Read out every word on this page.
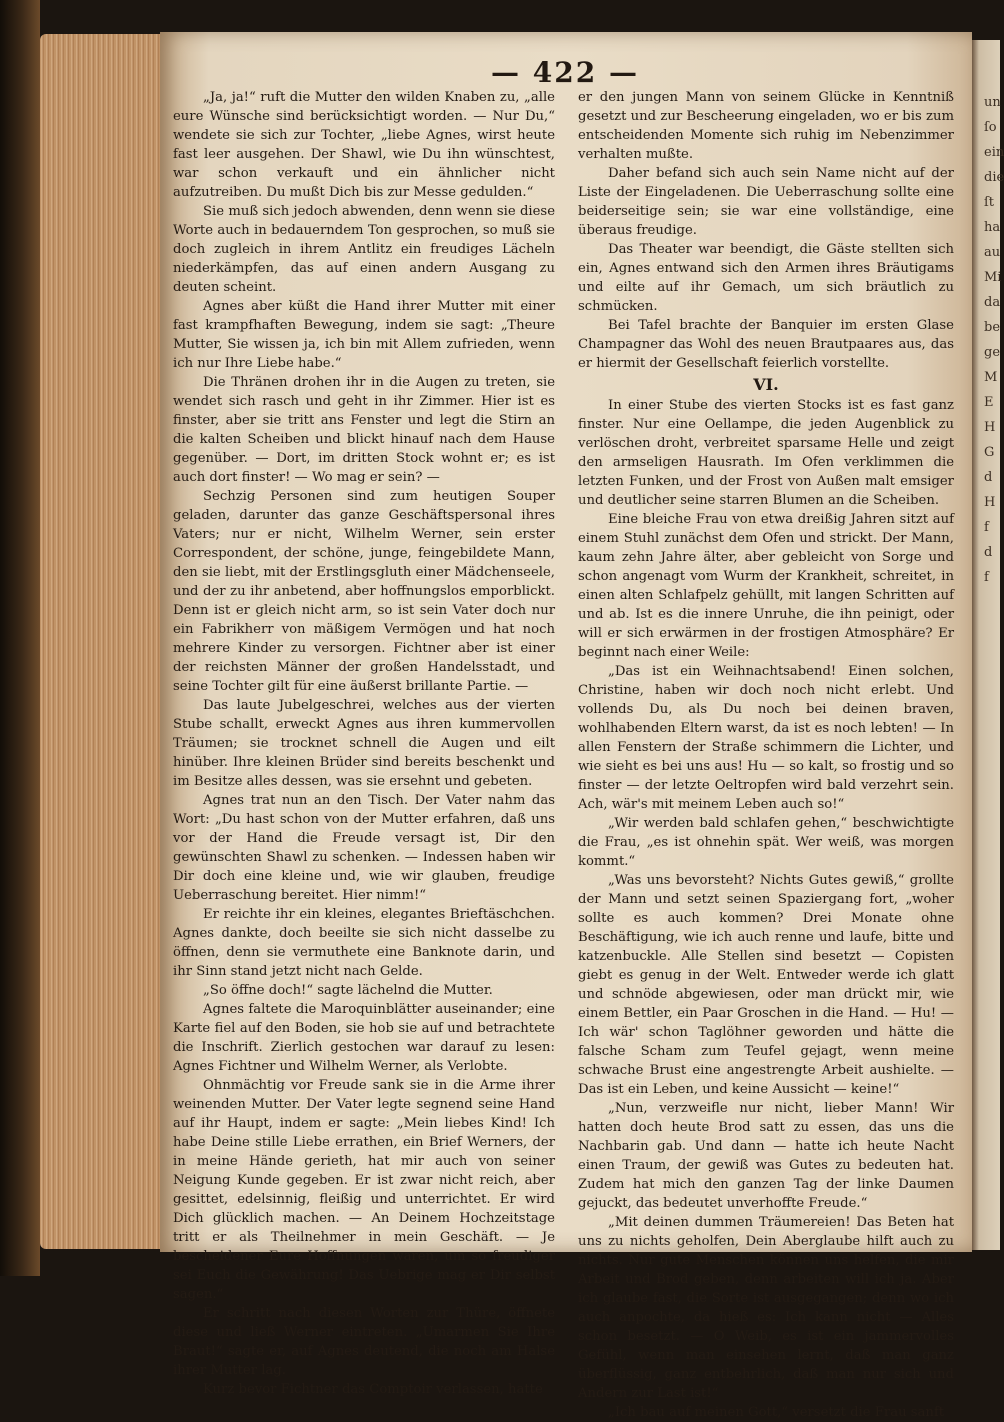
un
ſo
ein
die
ſt
ha
au
Mi
da
be
ge
M
E
H
G
d
H
f
d
f
— 422 —

„Ja, ja!“ ruft die Mutter den wilden Knaben zu, „alle eure Wünsche sind berücksichtigt worden. — Nur Du,“ wendete sie sich zur Tochter, „liebe Agnes, wirst heute fast leer ausgehen. Der Shawl, wie Du ihn wünschtest, war schon verkauft und ein ähnlicher nicht aufzutreiben. Du mußt Dich bis zur Messe gedulden.“

Sie muß sich jedoch abwenden, denn wenn sie diese Worte auch in bedauerndem Ton gesprochen, so muß sie doch zugleich in ihrem Antlitz ein freudiges Lächeln niederkämpfen, das auf einen andern Ausgang zu deuten scheint.

Agnes aber küßt die Hand ihrer Mutter mit einer fast krampfhaften Bewegung, indem sie sagt: „Theure Mutter, Sie wissen ja, ich bin mit Allem zufrieden, wenn ich nur Ihre Liebe habe.“

Die Thränen drohen ihr in die Augen zu treten, sie wendet sich rasch und geht in ihr Zimmer. Hier ist es finster, aber sie tritt ans Fenster und legt die Stirn an die kalten Scheiben und blickt hinauf nach dem Hause gegenüber. — Dort, im dritten Stock wohnt er; es ist auch dort finster! — Wo mag er sein? —

Sechzig Personen sind zum heutigen Souper geladen, darunter das ganze Geschäftspersonal ihres Vaters; nur er nicht, Wilhelm Werner, sein erster Correspondent, der schöne, junge, feingebildete Mann, den sie liebt, mit der Erstlingsgluth einer Mädchenseele, und der zu ihr anbetend, aber hoffnungslos emporblickt. Denn ist er gleich nicht arm, so ist sein Vater doch nur ein Fabrikherr von mäßigem Vermögen und hat noch mehrere Kinder zu versorgen. Fichtner aber ist einer der reichsten Männer der großen Handelsstadt, und seine Tochter gilt für eine äußerst brillante Partie. —

Das laute Jubelgeschrei, welches aus der vierten Stube schallt, erweckt Agnes aus ihren kummervollen Träumen; sie trocknet schnell die Augen und eilt hinüber. Ihre kleinen Brüder sind bereits beschenkt und im Besitze alles dessen, was sie ersehnt und gebeten.

Agnes trat nun an den Tisch. Der Vater nahm das Wort: „Du hast schon von der Mutter erfahren, daß uns vor der Hand die Freude versagt ist, Dir den gewünschten Shawl zu schenken. — Indessen haben wir Dir doch eine kleine und, wie wir glauben, freudige Ueberraschung bereitet. Hier nimm!“

Er reichte ihr ein kleines, elegantes Brieftäschchen. Agnes dankte, doch beeilte sie sich nicht dasselbe zu öffnen, denn sie vermuthete eine Banknote darin, und ihr Sinn stand jetzt nicht nach Gelde.

„So öffne doch!“ sagte lächelnd die Mutter.

Agnes faltete die Maroquinblätter auseinander; eine Karte fiel auf den Boden, sie hob sie auf und betrachtete die Inschrift. Zierlich gestochen war darauf zu lesen: Agnes Fichtner und Wilhelm Werner, als Verlobte.

Ohnmächtig vor Freude sank sie in die Arme ihrer weinenden Mutter. Der Vater legte segnend seine Hand auf ihr Haupt, indem er sagte: „Mein liebes Kind! Ich habe Deine stille Liebe errathen, ein Brief Werners, der in meine Hände gerieth, hat mir auch von seiner Neigung Kunde gegeben. Er ist zwar nicht reich, aber gesittet, edelsinnig, fleißig und unterrichtet. Er wird Dich glücklich machen. — An Deinem Hochzeitstage tritt er als Theilnehmer in mein Geschäft. — Je bescheidener Eure Hoffnungen waren, um so freudiger sei Euch die Gewährung! Das Uebrige mag er Dir selbst sagen.“

Er schritt nach diesen Worten zur Thüre, öffnete diese und ließ Werner eintreten. „Umarmen Sie Ihre Braut!“ sagte er, auf Agnes deutend, die noch am Halse ihrer Mutter lag.

Kurz bevor Fichtner das Comptoir verlassen, hatte

er den jungen Mann von seinem Glücke in Kenntniß gesetzt und zur Bescheerung eingeladen, wo er bis zum entscheidenden Momente sich ruhig im Nebenzimmer verhalten mußte.

Daher befand sich auch sein Name nicht auf der Liste der Eingeladenen. Die Ueberraschung sollte eine beiderseitige sein; sie war eine vollständige, eine überaus freudige.

Das Theater war beendigt, die Gäste stellten sich ein, Agnes entwand sich den Armen ihres Bräutigams und eilte auf ihr Gemach, um sich bräutlich zu schmücken.

Bei Tafel brachte der Banquier im ersten Glase Champagner das Wohl des neuen Brautpaares aus, das er hiermit der Gesellschaft feierlich vorstellte.

VI.

In einer Stube des vierten Stocks ist es fast ganz finster. Nur eine Oellampe, die jeden Augenblick zu verlöschen droht, verbreitet sparsame Helle und zeigt den armseligen Hausrath. Im Ofen verklimmen die letzten Funken, und der Frost von Außen malt emsiger und deutlicher seine starren Blumen an die Scheiben.

Eine bleiche Frau von etwa dreißig Jahren sitzt auf einem Stuhl zunächst dem Ofen und strickt. Der Mann, kaum zehn Jahre älter, aber gebleicht von Sorge und schon angenagt vom Wurm der Krankheit, schreitet, in einen alten Schlafpelz gehüllt, mit langen Schritten auf und ab. Ist es die innere Unruhe, die ihn peinigt, oder will er sich erwärmen in der frostigen Atmosphäre? Er beginnt nach einer Weile:

„Das ist ein Weihnachtsabend! Einen solchen, Christine, haben wir doch noch nicht erlebt. Und vollends Du, als Du noch bei deinen braven, wohlhabenden Eltern warst, da ist es noch lebten! — In allen Fenstern der Straße schimmern die Lichter, und wie sieht es bei uns aus! Hu — so kalt, so frostig und so finster — der letzte Oeltropfen wird bald verzehrt sein. Ach, wär's mit meinem Leben auch so!“

„Wir werden bald schlafen gehen,“ beschwichtigte die Frau, „es ist ohnehin spät. Wer weiß, was morgen kommt.“

„Was uns bevorsteht? Nichts Gutes gewiß,“ grollte der Mann und setzt seinen Spaziergang fort, „woher sollte es auch kommen? Drei Monate ohne Beschäftigung, wie ich auch renne und laufe, bitte und katzenbuckle. Alle Stellen sind besetzt — Copisten giebt es genug in der Welt. Entweder werde ich glatt und schnöde abgewiesen, oder man drückt mir, wie einem Bettler, ein Paar Groschen in die Hand. — Hu! — Ich wär' schon Taglöhner geworden und hätte die falsche Scham zum Teufel gejagt, wenn meine schwache Brust eine angestrengte Arbeit aushielte. — Das ist ein Leben, und keine Aussicht — keine!“

„Nun, verzweifle nur nicht, lieber Mann! Wir hatten doch heute Brod satt zu essen, das uns die Nachbarin gab. Und dann — hatte ich heute Nacht einen Traum, der gewiß was Gutes zu bedeuten hat. Zudem hat mich den ganzen Tag der linke Daumen gejuckt, das bedeutet unverhoffte Freude.“

„Mit deinen dummen Träumereien! Das Beten hat uns zu nichts geholfen, Dein Aberglaube hilft auch zu nichts. Nur gute Menschen können uns helfen, die mir Arbeit und Brod geben, denn arbeiten will ich ja. Aber ich glaube fast, die Sorte ist ausgegangen; denn wo ich auch anpochte, da hieß es: Ich kann nicht — Alles schon besetzt. — O Weib, es ist ein jammervolles Gefühl, wenn man einsehen lernt, daß man ganz überflüssig, ganz entbehrlich, daß man nur sich und Andern zur Last ist!“

„Ich bau auf meinen Gott,“ versetzt die Frau sanft
